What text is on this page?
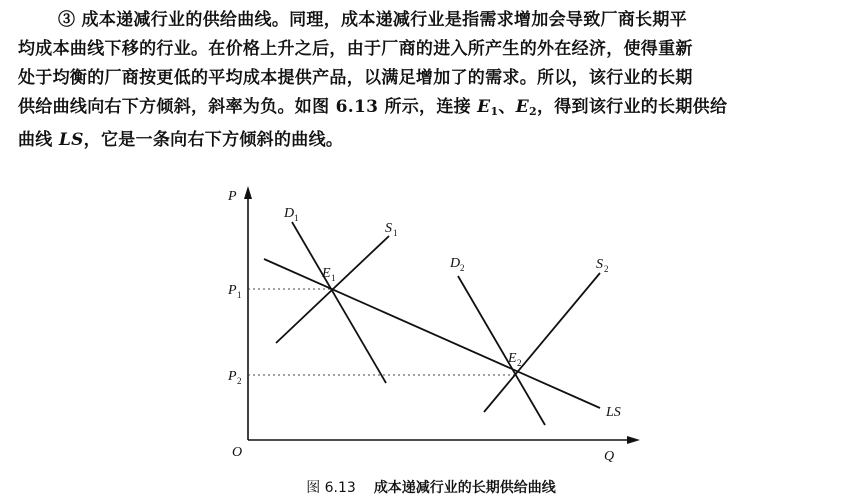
③ 成本递减行业的供给曲线。同理，成本递减行业是指需求增加会导致厂商长期平
均成本曲线下移的行业。在价格上升之后，由于厂商的进入所产生的外在经济，使得重新
处于均衡的厂商按更低的平均成本提供产品，以满足增加了的需求。所以，该行业的长期
供给曲线向右下方倾斜，斜率为负。如图 6.13 所示，连接 $E_1$、$E_2$，得到该行业的长期供给
曲线 LS，它是一条向右下方倾斜的曲线。
P
Q
O
P 1
P 2
D 1
S 1
D 2	S 2
E 1
E 2
LS
图 6.13 成本递减行业的长期供给曲线
